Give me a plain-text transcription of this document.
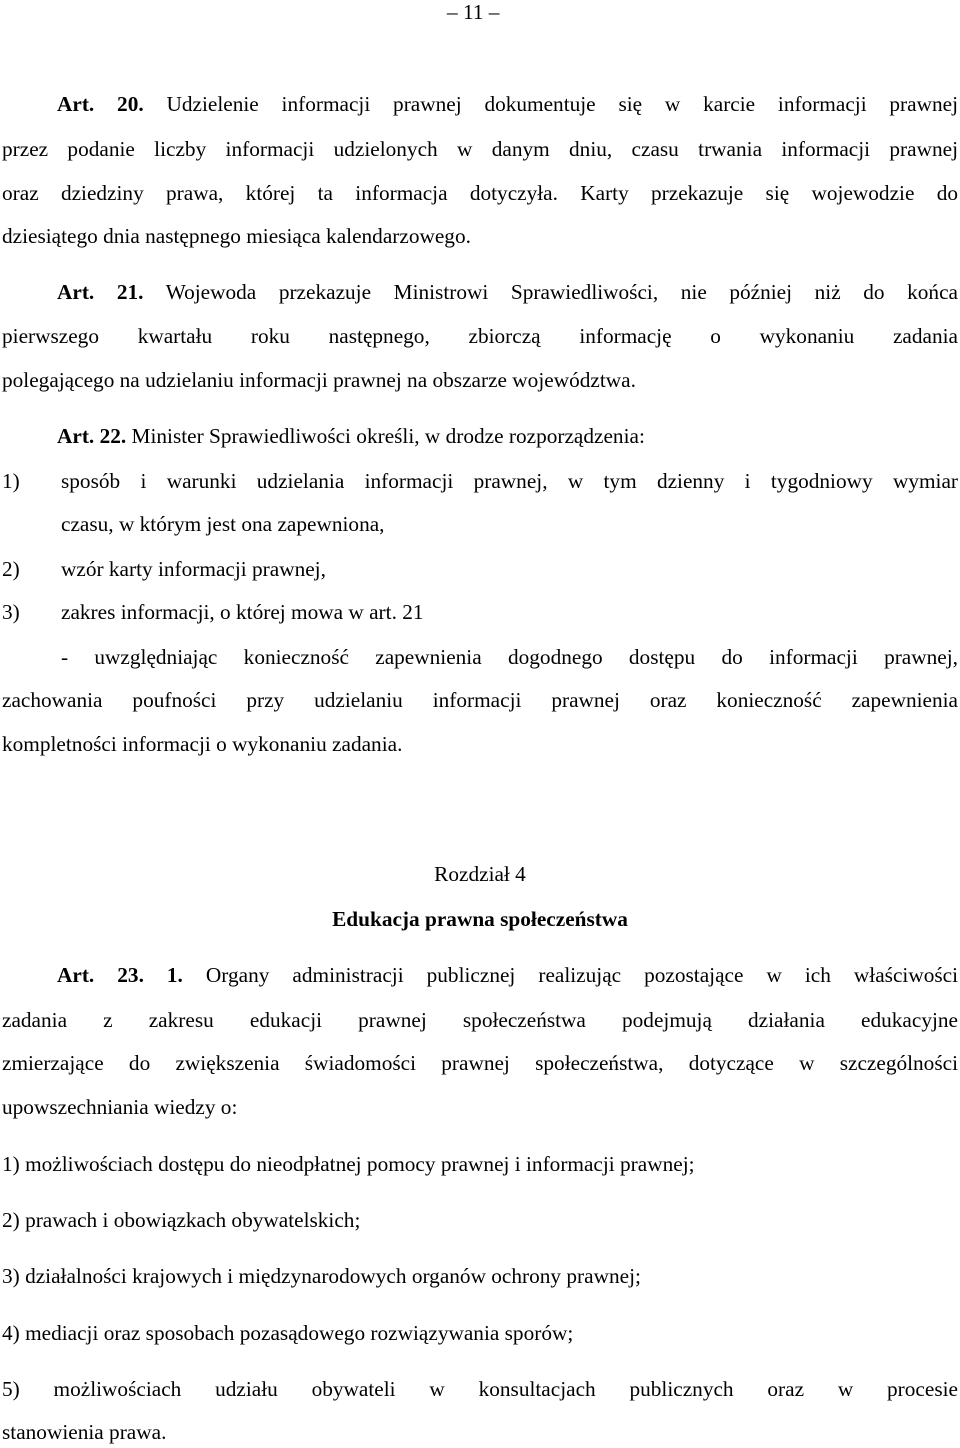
– 11 –
Art. 20. Udzielenie informacji prawnej dokumentuje się w karcie informacji prawnej
przez podanie liczby informacji udzielonych w danym dniu, czasu trwania informacji prawnej
oraz dziedziny prawa, której ta informacja dotyczyła. Karty przekazuje się wojewodzie do
dziesiątego dnia następnego miesiąca kalendarzowego.
Art. 21. Wojewoda przekazuje Ministrowi Sprawiedliwości, nie później niż do końca
pierwszego kwartału roku następnego, zbiorczą informację o wykonaniu zadania
polegającego na udzielaniu informacji prawnej na obszarze województwa.
Art. 22. Minister Sprawiedliwości określi, w drodze rozporządzenia:
1) sposób i warunki udzielania informacji prawnej, w tym dzienny i tygodniowy wymiar
czasu, w którym jest ona zapewniona,
2) wzór karty informacji prawnej,
3) zakres informacji, o której mowa w art. 21
- uwzględniając konieczność zapewnienia dogodnego dostępu do informacji prawnej,
zachowania poufności przy udzielaniu informacji prawnej oraz konieczność zapewnienia
kompletności informacji o wykonaniu zadania.
Rozdział 4
Edukacja prawna społeczeństwa
Art. 23. 1. Organy administracji publicznej realizując pozostające w ich właściwości
zadania z zakresu edukacji prawnej społeczeństwa podejmują działania edukacyjne
zmierzające do zwiększenia świadomości prawnej społeczeństwa, dotyczące w szczególności
upowszechniania wiedzy o:
1) możliwościach dostępu do nieodpłatnej pomocy prawnej i informacji prawnej;
2) prawach i obowiązkach obywatelskich;
3) działalności krajowych i międzynarodowych organów ochrony prawnej;
4) mediacji oraz sposobach pozasądowego rozwiązywania sporów;
5) możliwościach udziału obywateli w konsultacjach publicznych oraz w procesie
stanowienia prawa.
